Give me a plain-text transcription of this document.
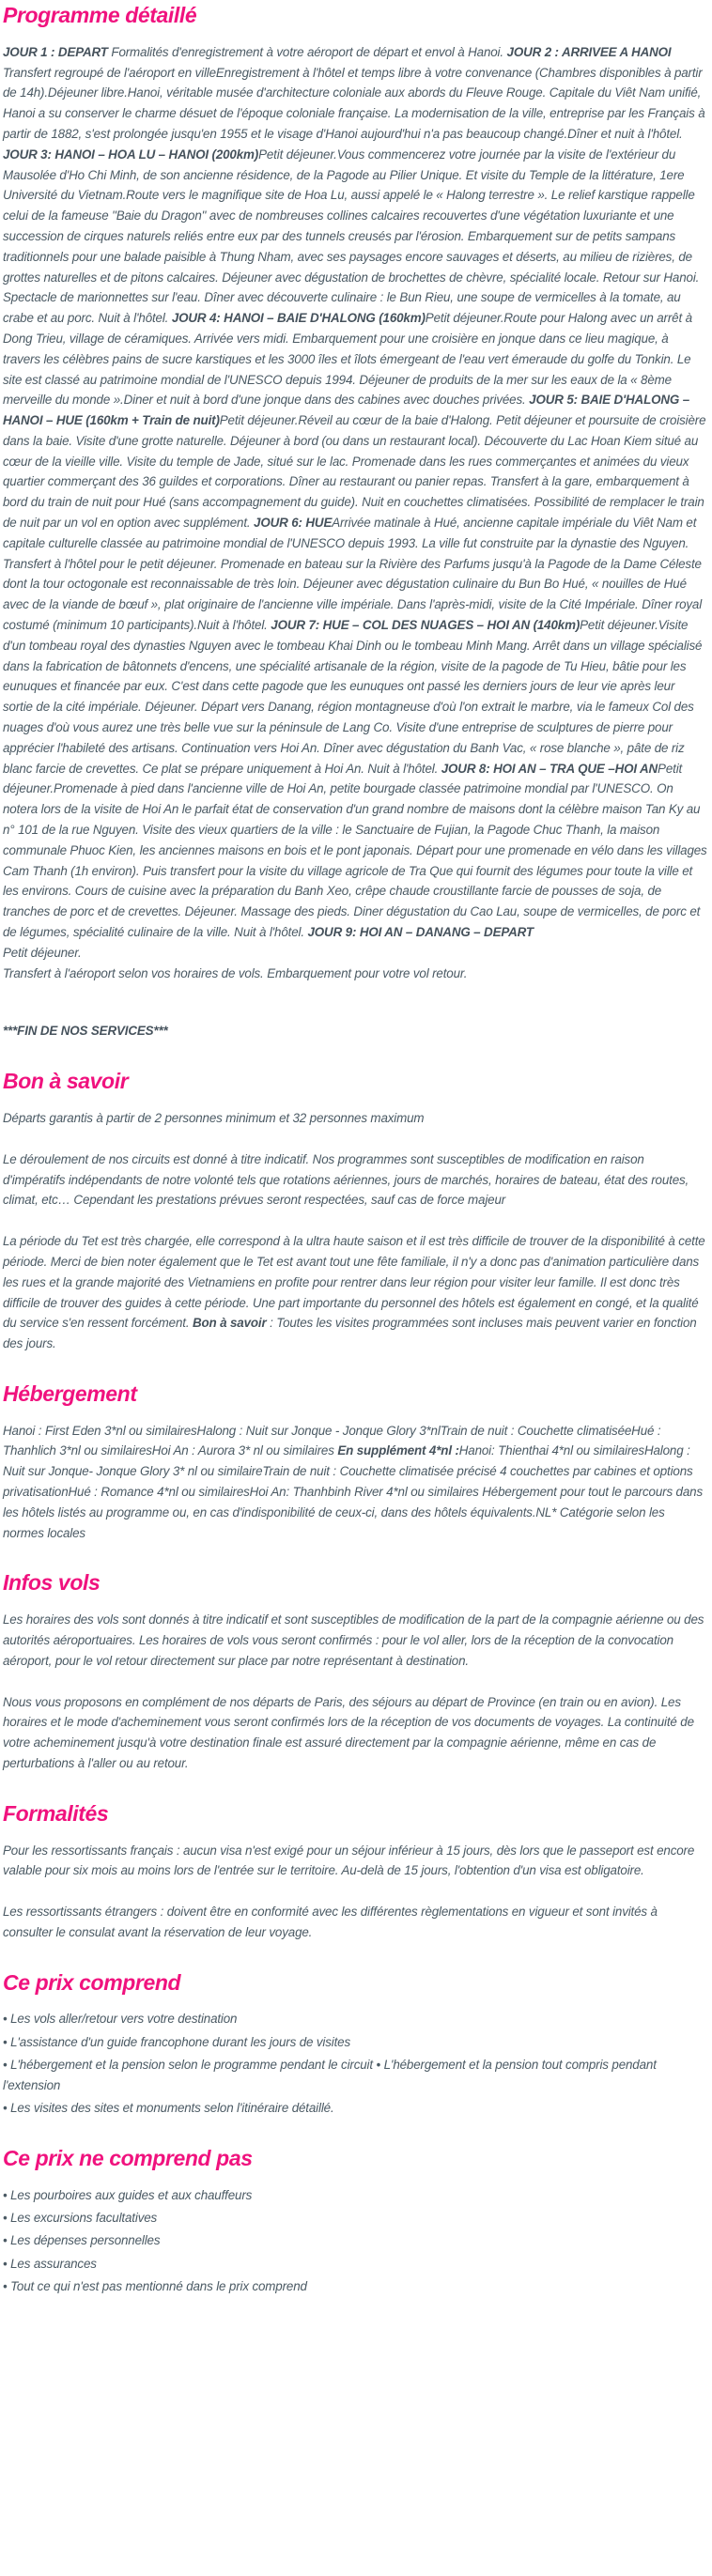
Programme détaillé

JOUR 1 : DEPART Formalités d'enregistrement à votre aéroport de départ et envol à Hanoi. JOUR 2 : ARRIVEE A HANOI Transfert regroupé de l'aéroport en villeEnregistrement à l'hôtel et temps libre à votre convenance (Chambres disponibles à partir de 14h).Déjeuner libre.Hanoi, véritable musée d'architecture coloniale aux abords du Fleuve Rouge. Capitale du Viêt Nam unifié, Hanoi a su conserver le charme désuet de l'époque coloniale française. La modernisation de la ville, entreprise par les Français à partir de 1882, s'est prolongée jusqu'en 1955 et le visage d'Hanoi aujourd'hui n'a pas beaucoup changé.Dîner et nuit à l'hôtel.
JOUR 3: HANOI – HOA LU – HANOI (200km)Petit déjeuner.Vous commencerez votre journée par la visite de l'extérieur du Mausolée d'Ho Chi Minh, de son ancienne résidence, de la Pagode au Pilier Unique. Et visite du Temple de la littérature, 1ere Université du Vietnam.Route vers le magnifique site de Hoa Lu, aussi appelé le « Halong terrestre ». Le relief karstique rappelle celui de la fameuse "Baie du Dragon" avec de nombreuses collines calcaires recouvertes d'une végétation luxuriante et une succession de cirques naturels reliés entre eux par des tunnels creusés par l'érosion. Embarquement sur de petits sampans traditionnels pour une balade paisible à Thung Nham, avec ses paysages encore sauvages et déserts, au milieu de rizières, de grottes naturelles et de pitons calcaires. Déjeuner avec dégustation de brochettes de chèvre, spécialité locale. Retour sur Hanoi. Spectacle de marionnettes sur l'eau. Dîner avec découverte culinaire : le Bun Rieu, une soupe de vermicelles à la tomate, au crabe et au porc. Nuit à l'hôtel. JOUR 4: HANOI – BAIE D'HALONG (160km)Petit déjeuner.Route pour Halong avec un arrêt à Dong Trieu, village de céramiques. Arrivée vers midi. Embarquement pour une croisière en jonque dans ce lieu magique, à travers les célèbres pains de sucre karstiques et les 3000 îles et îlots émergeant de l'eau vert émeraude du golfe du Tonkin. Le site est classé au patrimoine mondial de l'UNESCO depuis 1994. Déjeuner de produits de la mer sur les eaux de la « 8ème merveille du monde ».Diner et nuit à bord d'une jonque dans des cabines avec douches privées. JOUR 5: BAIE D'HALONG – HANOI – HUE (160km + Train de nuit)Petit déjeuner.Réveil au cœur de la baie d'Halong. Petit déjeuner et poursuite de croisière dans la baie. Visite d'une grotte naturelle. Déjeuner à bord (ou dans un restaurant local). Découverte du Lac Hoan Kiem situé au cœur de la vieille ville. Visite du temple de Jade, situé sur le lac. Promenade dans les rues commerçantes et animées du vieux quartier commerçant des 36 guildes et corporations. Dîner au restaurant ou panier repas. Transfert à la gare, embarquement à bord du train de nuit pour Hué (sans accompagnement du guide). Nuit en couchettes climatisées. Possibilité de remplacer le train de nuit par un vol en option avec supplément. JOUR 6: HUEArrivée matinale à Hué, ancienne capitale impériale du Viêt Nam et capitale culturelle classée au patrimoine mondial de l'UNESCO depuis 1993. La ville fut construite par la dynastie des Nguyen. Transfert à l'hôtel pour le petit déjeuner. Promenade en bateau sur la Rivière des Parfums jusqu'à la Pagode de la Dame Céleste dont la tour octogonale est reconnaissable de très loin. Déjeuner avec dégustation culinaire du Bun Bo Hué, « nouilles de Hué avec de la viande de bœuf », plat originaire de l'ancienne ville impériale. Dans l'après-midi, visite de la Cité Impériale. Dîner royal costumé (minimum 10 participants).Nuit à l'hôtel. JOUR 7: HUE – COL DES NUAGES – HOI AN (140km)Petit déjeuner.Visite d'un tombeau royal des dynasties Nguyen avec le tombeau Khai Dinh ou le tombeau Minh Mang. Arrêt dans un village spécialisé dans la fabrication de bâtonnets d'encens, une spécialité artisanale de la région, visite de la pagode de Tu Hieu, bâtie pour les eunuques et financée par eux. C'est dans cette pagode que les eunuques ont passé les derniers jours de leur vie après leur sortie de la cité impériale. Déjeuner. Départ vers Danang, région montagneuse d'où l'on extrait le marbre, via le fameux Col des nuages d'où vous aurez une très belle vue sur la péninsule de Lang Co. Visite d'une entreprise de sculptures de pierre pour apprécier l'habileté des artisans. Continuation vers Hoi An. Dîner avec dégustation du Banh Vac, « rose blanche », pâte de riz blanc farcie de crevettes. Ce plat se prépare uniquement à Hoi An. Nuit à l'hôtel. JOUR 8: HOI AN – TRA QUE –HOI ANPetit déjeuner.Promenade à pied dans l'ancienne ville de Hoi An, petite bourgade classée patrimoine mondial par l'UNESCO. On notera lors de la visite de Hoi An le parfait état de conservation d'un grand nombre de maisons dont la célèbre maison Tan Ky au n° 101 de la rue Nguyen. Visite des vieux quartiers de la ville : le Sanctuaire de Fujian, la Pagode Chuc Thanh, la maison communale Phuoc Kien, les anciennes maisons en bois et le pont japonais. Départ pour une promenade en vélo dans les villages Cam Thanh (1h environ). Puis transfert pour la visite du village agricole de Tra Que qui fournit des légumes pour toute la ville et les environs. Cours de cuisine avec la préparation du Banh Xeo, crêpe chaude croustillante farcie de pousses de soja, de tranches de porc et de crevettes. Déjeuner. Massage des pieds. Diner dégustation du Cao Lau, soupe de vermicelles, de porc et de légumes, spécialité culinaire de la ville. Nuit à l'hôtel. JOUR 9: HOI AN – DANANG – DEPART
Petit déjeuner.
Transfert à l'aéroport selon vos horaires de vols. Embarquement pour votre vol retour.

***FIN DE NOS SERVICES***

Bon à savoir

Départs garantis à partir de 2 personnes minimum et 32 personnes maximum

Le déroulement de nos circuits est donné à titre indicatif. Nos programmes sont susceptibles de modification en raison d'impératifs indépendants de notre volonté tels que rotations aériennes, jours de marchés, horaires de bateau, état des routes, climat, etc… Cependant les prestations prévues seront respectées, sauf cas de force majeur

La période du Tet est très chargée, elle correspond à la ultra haute saison et il est très difficile de trouver de la disponibilité à cette période. Merci de bien noter également que le Tet est avant tout une fête familiale, il n'y a donc pas d'animation particulière dans les rues et la grande majorité des Vietnamiens en profite pour rentrer dans leur région pour visiter leur famille. Il est donc très difficile de trouver des guides à cette période. Une part importante du personnel des hôtels est également en congé, et la qualité du service s'en ressent forcément. Bon à savoir : Toutes les visites programmées sont incluses mais peuvent varier en fonction des jours.

Hébergement

Hanoi : First Eden 3*nl ou similairesHalong : Nuit sur Jonque - Jonque Glory 3*nlTrain de nuit : Couchette climatiséeHué : Thanhlich 3*nl ou similairesHoi An : Aurora 3* nl ou similaires En supplément 4*nl :Hanoi: Thienthai 4*nl ou similairesHalong : Nuit sur Jonque- Jonque Glory 3* nl ou similaireTrain de nuit : Couchette climatisée précisé 4 couchettes par cabines et options privatisationHué : Romance 4*nl ou similairesHoi An: Thanhbinh River 4*nl ou similaires Hébergement pour tout le parcours dans les hôtels listés au programme ou, en cas d'indisponibilité de ceux-ci, dans des hôtels équivalents.NL* Catégorie selon les normes locales

Infos vols

Les horaires des vols sont donnés à titre indicatif et sont susceptibles de modification de la part de la compagnie aérienne ou des autorités aéroportuaires. Les horaires de vols vous seront confirmés : pour le vol aller, lors de la réception de la convocation aéroport, pour le vol retour directement sur place par notre représentant à destination.

Nous vous proposons en complément de nos départs de Paris, des séjours au départ de Province (en train ou en avion). Les horaires et le mode d'acheminement vous seront confirmés lors de la réception de vos documents de voyages. La continuité de votre acheminement jusqu'à votre destination finale est assuré directement par la compagnie aérienne, même en cas de perturbations à l'aller ou au retour.

Formalités

Pour les ressortissants français : aucun visa n'est exigé pour un séjour inférieur à 15 jours, dès lors que le passeport est encore valable pour six mois au moins lors de l'entrée sur le territoire. Au-delà de 15 jours, l'obtention d'un visa est obligatoire.

Les ressortissants étrangers : doivent être en conformité avec les différentes règlementations en vigueur et sont invités à consulter le consulat avant la réservation de leur voyage.

Ce prix comprend
• Les vols aller/retour vers votre destination
• L'assistance d'un guide francophone durant les jours de visites
• L'hébergement et la pension selon le programme pendant le circuit • L'hébergement et la pension tout compris pendant l'extension
• Les visites des sites et monuments selon l'itinéraire détaillé.
Ce prix ne comprend pas
• Les pourboires aux guides et aux chauffeurs
• Les excursions facultatives
• Les dépenses personnelles
• Les assurances
• Tout ce qui n'est pas mentionné dans le prix comprend
